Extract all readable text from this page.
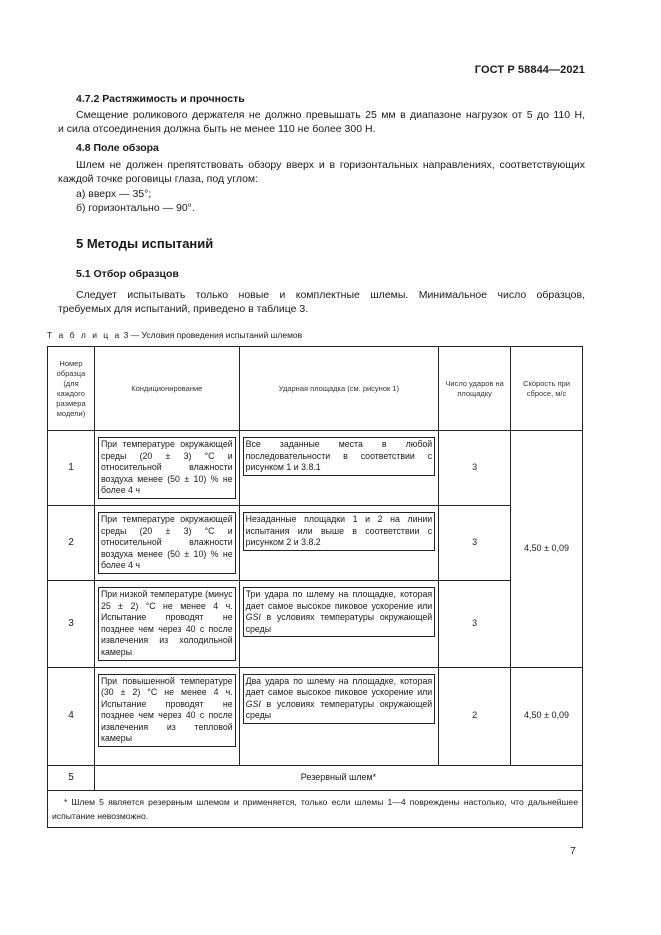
ГОСТ Р 58844—2021
4.7.2 Растяжимость и прочность
Смещение роликового держателя не должно превышать 25 мм в диапазоне нагрузок от 5 до 110 Н,
и сила отсоединения должна быть не менее 110 не более 300 Н.
4.8 Поле обзора
Шлем не должен препятствовать обзору вверх и в горизонтальных направлениях, соответствующих
каждой точке роговицы глаза, под углом:
а) вверх — 35°;
б) горизонтально — 90°.
5 Методы испытаний
5.1 Отбор образцов
Следует испытывать только новые и комплектные шлемы. Минимальное число образцов,
требуемых для испытаний, приведено в таблице 3.
Т а б л и ц а 3 — Условия проведения испытаний шлемов
Номер образца (для каждого размера модели)	Кондиционирование	Ударная площадка (см. рисунок 1)	Число ударов на площадку	Скорость при сбросе, м/с
1	При температуре окружающей среды (20 ± 3) °С и относительной влажности воздуха менее (50 ± 10) % не более 4 ч	Все заданные места в любой последовательности в соответствии с рисунком 1 и 3.8.1	3	4,50 ± 0,09
2	При температуре окружающей среды (20 ± 3) °С и относительной влажности воздуха менее (50 ± 10) % не более 4 ч	Незаданные площадки 1 и 2 на линии испытания или выше в соответствии с рисунком 2 и 3.8.2	3	
3	При низкой температуре (минус 25 ± 2) °С не менее 4 ч. Испытание проводят не позднее чем через 40 с после извлечения из холодильной камеры	Три удара по шлему на площадке, которая дает самое высокое пиковое ускорение или GSI в условиях температуры окружающей среды	3	
4	При повышенной температуре (30 ± 2) °С не менее 4 ч. Испытание проводят не позднее чем через 40 с после извлечения из тепловой камеры	Два удара по шлему на площадке, которая дает самое высокое пиковое ускорение или GSI в условиях температуры окружающей среды	2	4,50 ± 0,09
5	Резервный шлем*			
* Шлем 5 является резервным шлемом и применяется, только если шлемы 1—4 повреждены настолько, что дальнейшее испытание невозможно.				
7
